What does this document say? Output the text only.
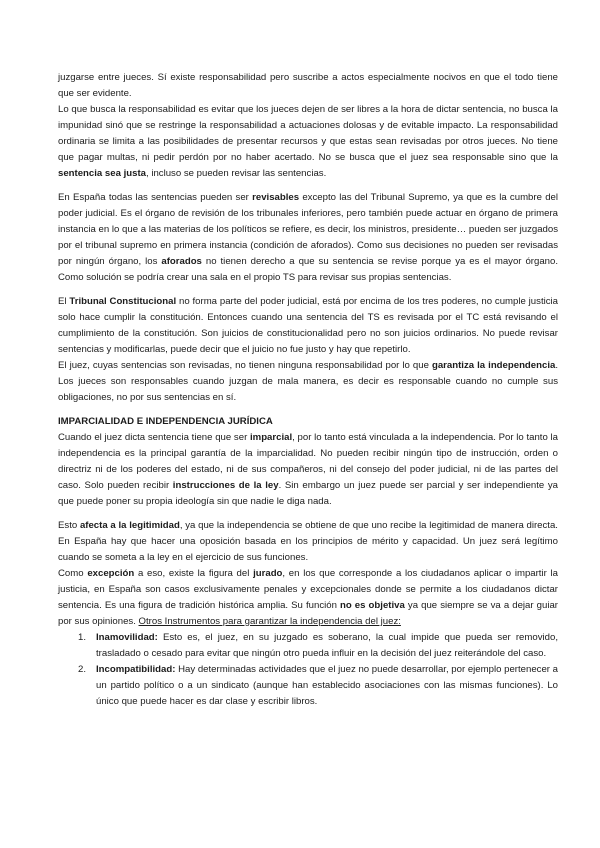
juzgarse entre jueces. Sí existe responsabilidad pero suscribe a actos especialmente nocivos en que el todo tiene que ser evidente.

Lo que busca la responsabilidad es evitar que los jueces dejen de ser libres a la hora de dictar sentencia, no busca la impunidad sinó que se restringe la responsabilidad a actuaciones dolosas y de evitable impacto. La responsabilidad ordinaria se limita a las posibilidades de presentar recursos y que estas sean revisadas por otros jueces. No tiene que pagar multas, ni pedir perdón por no haber acertado. No se busca que el juez sea responsable sino que la sentencia sea justa, incluso se pueden revisar las sentencias.

En España todas las sentencias pueden ser revisables excepto las del Tribunal Supremo, ya que es la cumbre del poder judicial. Es el órgano de revisión de los tribunales inferiores, pero también puede actuar en órgano de primera instancia en lo que a las materias de los políticos se refiere, es decir, los ministros, presidente… pueden ser juzgados por el tribunal supremo en primera instancia (condición de aforados). Como sus decisiones no pueden ser revisadas por ningún órgano, los aforados no tienen derecho a que su sentencia se revise porque ya es el mayor órgano. Como solución se podría crear una sala en el propio TS para revisar sus propias sentencias.

El Tribunal Constitucional no forma parte del poder judicial, está por encima de los tres poderes, no cumple justicia solo hace cumplir la constitución. Entonces cuando una sentencia del TS es revisada por el TC está revisando el cumplimiento de la constitución. Son juicios de constitucionalidad pero no son juicios ordinarios. No puede revisar sentencias y modificarlas, puede decir que el juicio no fue justo y hay que repetirlo.

El juez, cuyas sentencias son revisadas, no tienen ninguna responsabilidad por lo que garantiza la independencia. Los jueces son responsables cuando juzgan de mala manera, es decir es responsable cuando no cumple sus obligaciones, no por sus sentencias en sí.

IMPARCIALIDAD E INDEPENDENCIA JURÍDICA

Cuando el juez dicta sentencia tiene que ser imparcial, por lo tanto está vinculada a la independencia. Por lo tanto la independencia es la principal garantía de la imparcialidad. No pueden recibir ningún tipo de instrucción, orden o directriz ni de los poderes del estado, ni de sus compañeros, ni del consejo del poder judicial, ni de las partes del caso. Solo pueden recibir instrucciones de la ley. Sin embargo un juez puede ser parcial y ser independiente ya que puede poner su propia ideología sin que nadie le diga nada.

Esto afecta a la legitimidad, ya que la independencia se obtiene de que uno recibe la legitimidad de manera directa. En España hay que hacer una oposición basada en los principios de mérito y capacidad. Un juez será legítimo cuando se someta a la ley en el ejercicio de sus funciones.

Como excepción a eso, existe la figura del jurado, en los que corresponde a los ciudadanos aplicar o impartir la justicia, en España son casos exclusivamente penales y excepcionales donde se permite a los ciudadanos dictar sentencia. Es una figura de tradición histórica amplia. Su función no es objetiva ya que siempre se va a dejar guiar por sus opiniones. Otros Instrumentos para garantizar la independencia del juez:

1. Inamovilidad: Esto es, el juez, en su juzgado es soberano, la cual impide que pueda ser removido, trasladado o cesado para evitar que ningún otro pueda influir en la decisión del juez reiterándole del caso.
2. Incompatibilidad: Hay determinadas actividades que el juez no puede desarrollar, por ejemplo pertenecer a un partido político o a un sindicato (aunque han establecido asociaciones con las mismas funciones). Lo único que puede hacer es dar clase y escribir libros.
